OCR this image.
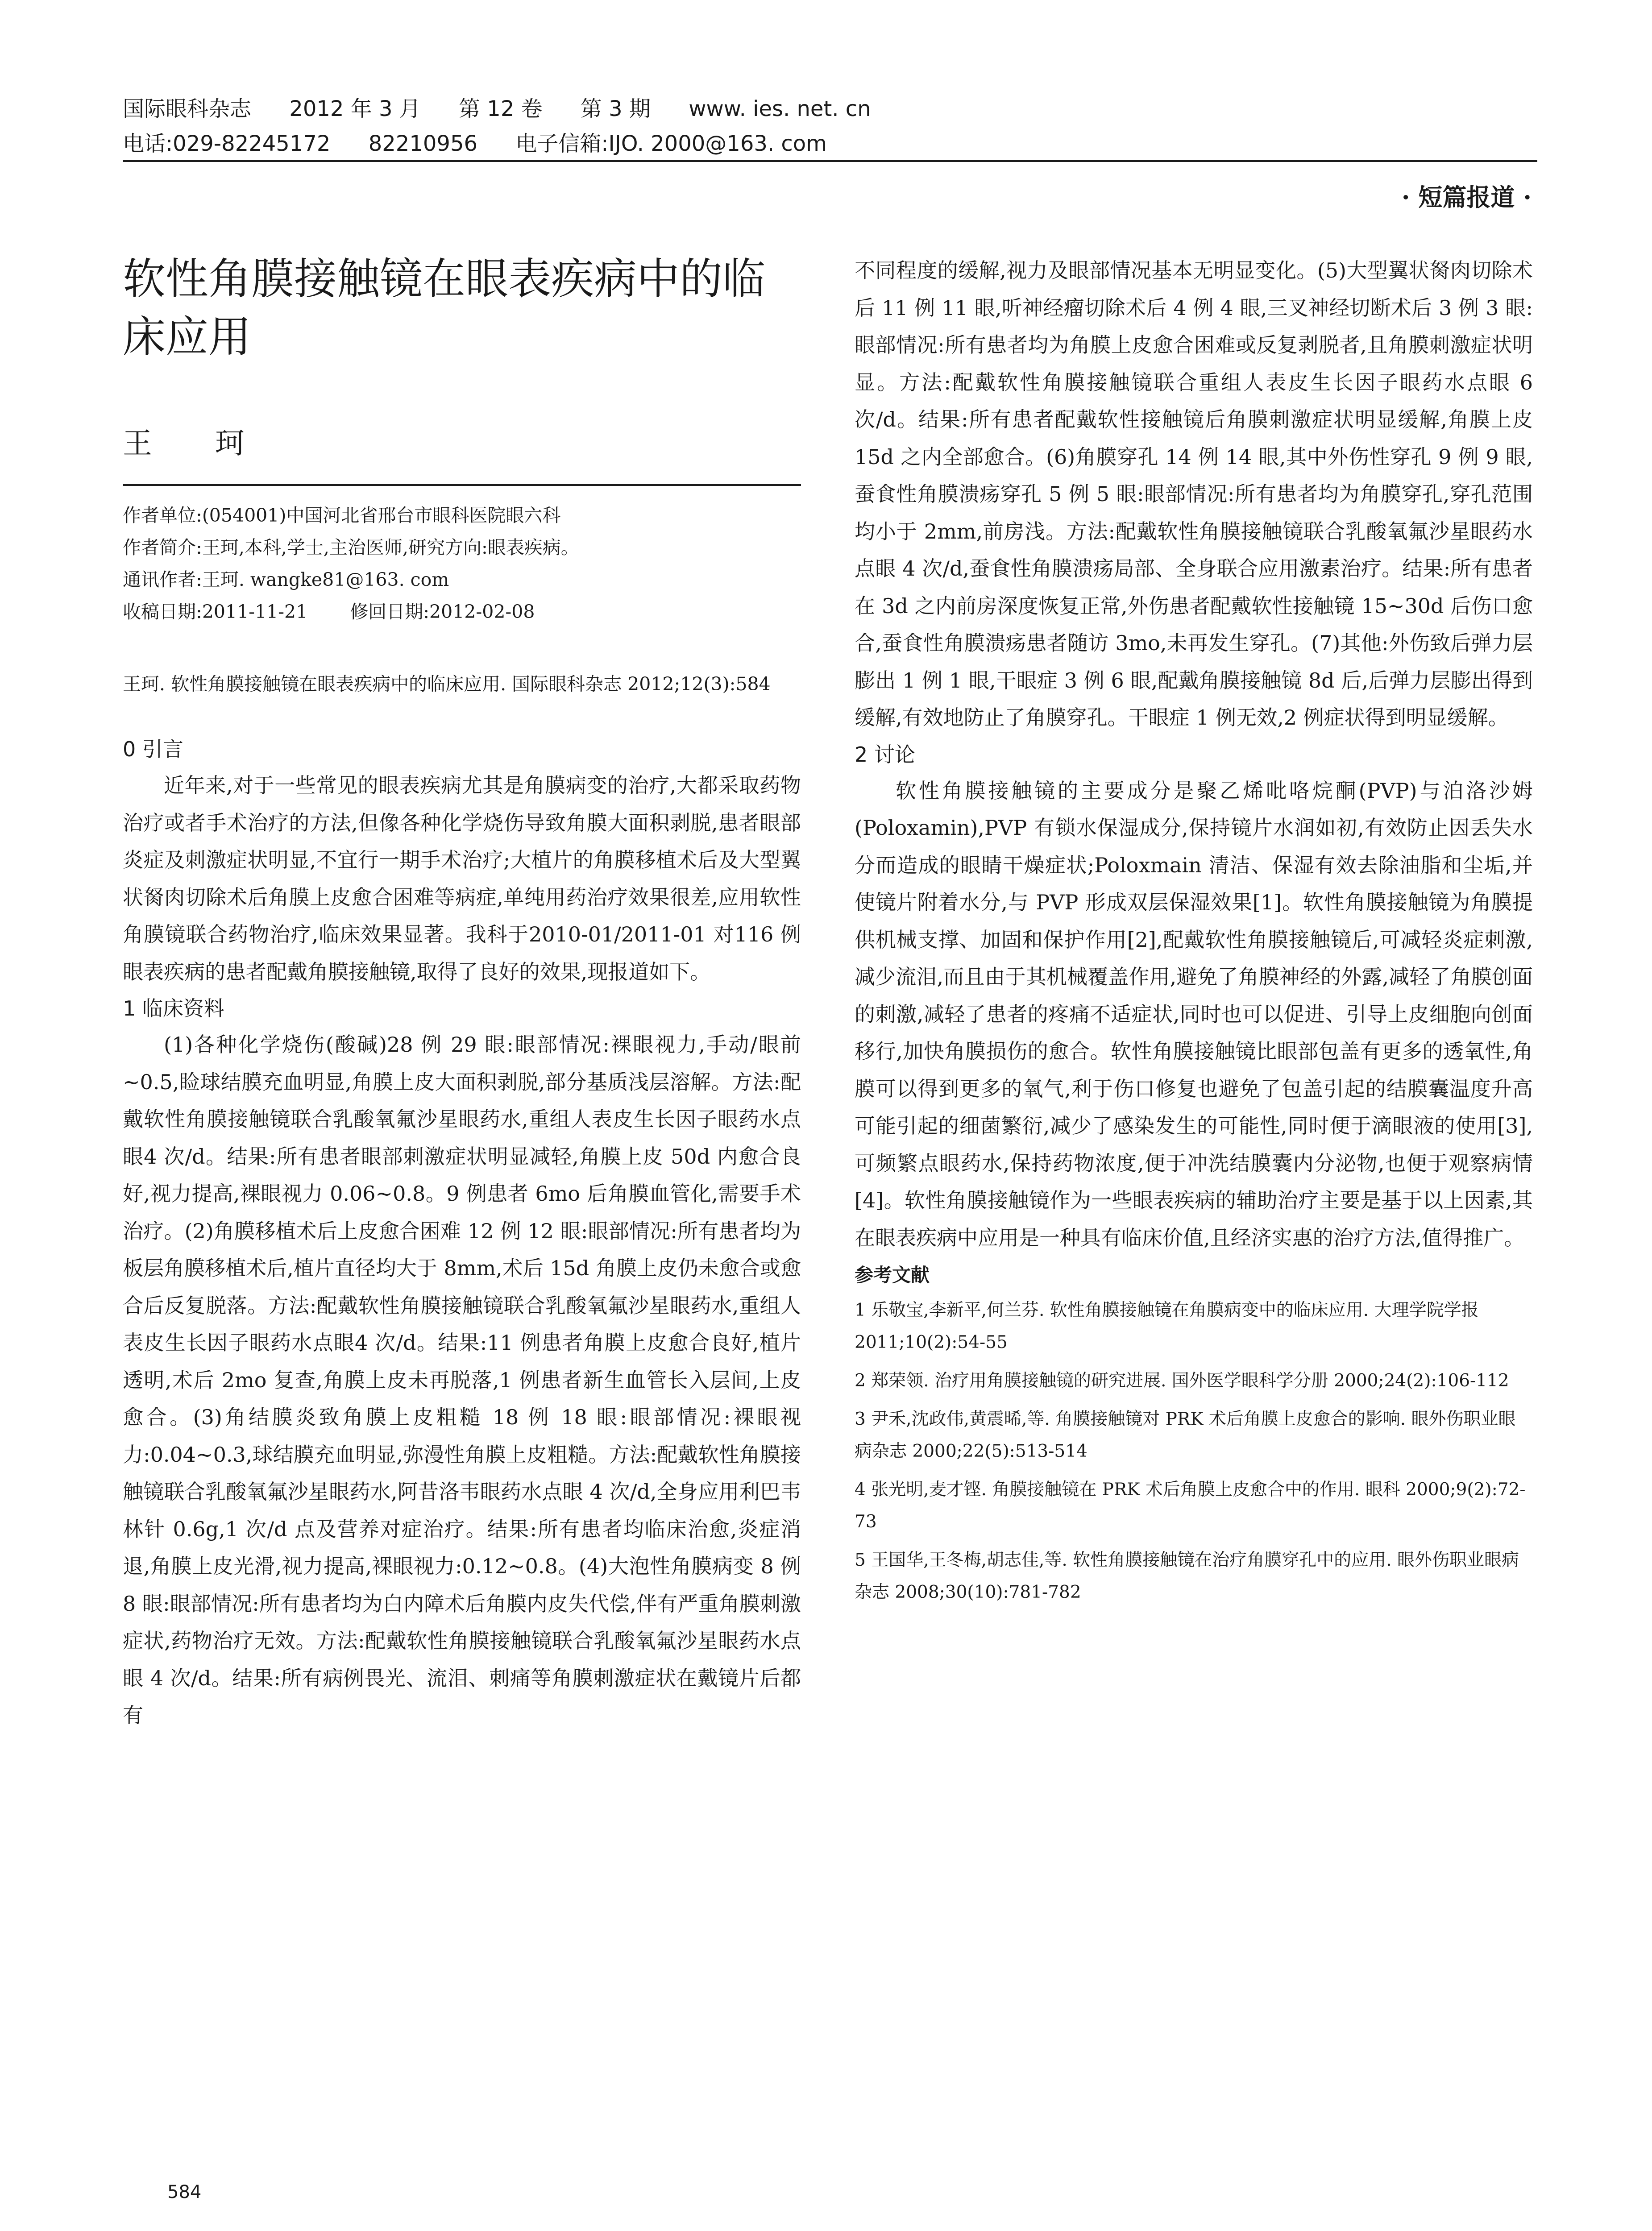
国际眼科杂志 2012 年 3 月 第 12 卷 第 3 期 www. ies. net. cn
电话:029-82245172 82210956 电子信箱:IJO. 2000@163. com
· 短篇报道 ·
软性角膜接触镜在眼表疾病中的临床应用
王 珂

作者单位:(054001)中国河北省邢台市眼科医院眼六科

作者简介:王珂,本科,学士,主治医师,研究方向:眼表疾病。

通讯作者:王珂. wangke81@163. com

收稿日期:2011-11-21 　　修回日期:2012-02-08

王珂. 软性角膜接触镜在眼表疾病中的临床应用. 国际眼科杂志 2012;12(3):584

0 引言

近年来,对于一些常见的眼表疾病尤其是角膜病变的治疗,大都采取药物治疗或者手术治疗的方法,但像各种化学烧伤导致角膜大面积剥脱,患者眼部炎症及刺激症状明显,不宜行一期手术治疗;大植片的角膜移植术后及大型翼状胬肉切除术后角膜上皮愈合困难等病症,单纯用药治疗效果很差,应用软性角膜镜联合药物治疗,临床效果显著。我科于2010-01/2011-01 对116 例眼表疾病的患者配戴角膜接触镜,取得了良好的效果,现报道如下。

1 临床资料

(1)各种化学烧伤(酸碱)28 例 29 眼:眼部情况:裸眼视力,手动/眼前~0.5,睑球结膜充血明显,角膜上皮大面积剥脱,部分基质浅层溶解。方法:配戴软性角膜接触镜联合乳酸氧氟沙星眼药水,重组人表皮生长因子眼药水点眼4 次/d。结果:所有患者眼部刺激症状明显减轻,角膜上皮 50d 内愈合良好,视力提高,裸眼视力 0.06~0.8。9 例患者 6mo 后角膜血管化,需要手术治疗。(2)角膜移植术后上皮愈合困难 12 例 12 眼:眼部情况:所有患者均为板层角膜移植术后,植片直径均大于 8mm,术后 15d 角膜上皮仍未愈合或愈合后反复脱落。方法:配戴软性角膜接触镜联合乳酸氧氟沙星眼药水,重组人表皮生长因子眼药水点眼4 次/d。结果:11 例患者角膜上皮愈合良好,植片透明,术后 2mo 复查,角膜上皮未再脱落,1 例患者新生血管长入层间,上皮愈合。(3)角结膜炎致角膜上皮粗糙 18 例 18 眼:眼部情况:裸眼视力:0.04~0.3,球结膜充血明显,弥漫性角膜上皮粗糙。方法:配戴软性角膜接触镜联合乳酸氧氟沙星眼药水,阿昔洛韦眼药水点眼 4 次/d,全身应用利巴韦林针 0.6g,1 次/d 点及营养对症治疗。结果:所有患者均临床治愈,炎症消退,角膜上皮光滑,视力提高,裸眼视力:0.12~0.8。(4)大泡性角膜病变 8 例 8 眼:眼部情况:所有患者均为白内障术后角膜内皮失代偿,伴有严重角膜刺激症状,药物治疗无效。方法:配戴软性角膜接触镜联合乳酸氧氟沙星眼药水点眼 4 次/d。结果:所有病例畏光、流泪、刺痛等角膜刺激症状在戴镜片后都有

不同程度的缓解,视力及眼部情况基本无明显变化。(5)大型翼状胬肉切除术后 11 例 11 眼,听神经瘤切除术后 4 例 4 眼,三叉神经切断术后 3 例 3 眼:眼部情况:所有患者均为角膜上皮愈合困难或反复剥脱者,且角膜刺激症状明显。方法:配戴软性角膜接触镜联合重组人表皮生长因子眼药水点眼 6 次/d。结果:所有患者配戴软性接触镜后角膜刺激症状明显缓解,角膜上皮 15d 之内全部愈合。(6)角膜穿孔 14 例 14 眼,其中外伤性穿孔 9 例 9 眼,蚕食性角膜溃疡穿孔 5 例 5 眼:眼部情况:所有患者均为角膜穿孔,穿孔范围均小于 2mm,前房浅。方法:配戴软性角膜接触镜联合乳酸氧氟沙星眼药水点眼 4 次/d,蚕食性角膜溃疡局部、全身联合应用激素治疗。结果:所有患者在 3d 之内前房深度恢复正常,外伤患者配戴软性接触镜 15~30d 后伤口愈合,蚕食性角膜溃疡患者随访 3mo,未再发生穿孔。(7)其他:外伤致后弹力层膨出 1 例 1 眼,干眼症 3 例 6 眼,配戴角膜接触镜 8d 后,后弹力层膨出得到缓解,有效地防止了角膜穿孔。干眼症 1 例无效,2 例症状得到明显缓解。

2 讨论

软性角膜接触镜的主要成分是聚乙烯吡咯烷酮(PVP)与泊洛沙姆(Poloxamin),PVP 有锁水保湿成分,保持镜片水润如初,有效防止因丢失水分而造成的眼睛干燥症状;Poloxmain 清洁、保湿有效去除油脂和尘垢,并使镜片附着水分,与 PVP 形成双层保湿效果[1]。软性角膜接触镜为角膜提供机械支撑、加固和保护作用[2],配戴软性角膜接触镜后,可减轻炎症刺激,减少流泪,而且由于其机械覆盖作用,避免了角膜神经的外露,减轻了角膜创面的刺激,减轻了患者的疼痛不适症状,同时也可以促进、引导上皮细胞向创面移行,加快角膜损伤的愈合。软性角膜接触镜比眼部包盖有更多的透氧性,角膜可以得到更多的氧气,利于伤口修复也避免了包盖引起的结膜囊温度升高可能引起的细菌繁衍,减少了感染发生的可能性,同时便于滴眼液的使用[3],可频繁点眼药水,保持药物浓度,便于冲洗结膜囊内分泌物,也便于观察病情[4]。软性角膜接触镜作为一些眼表疾病的辅助治疗主要是基于以上因素,其在眼表疾病中应用是一种具有临床价值,且经济实惠的治疗方法,值得推广。

参考文献

1 乐敬宝,李新平,何兰芬. 软性角膜接触镜在角膜病变中的临床应用. 大理学院学报 2011;10(2):54-55

2 郑荣领. 治疗用角膜接触镜的研究进展. 国外医学眼科学分册 2000;24(2):106-112

3 尹禾,沈政伟,黄震晞,等. 角膜接触镜对 PRK 术后角膜上皮愈合的影响. 眼外伤职业眼病杂志 2000;22(5):513-514

4 张光明,麦才铿. 角膜接触镜在 PRK 术后角膜上皮愈合中的作用. 眼科 2000;9(2):72-73

5 王国华,王冬梅,胡志佳,等. 软性角膜接触镜在治疗角膜穿孔中的应用. 眼外伤职业眼病杂志 2008;30(10):781-782

584
